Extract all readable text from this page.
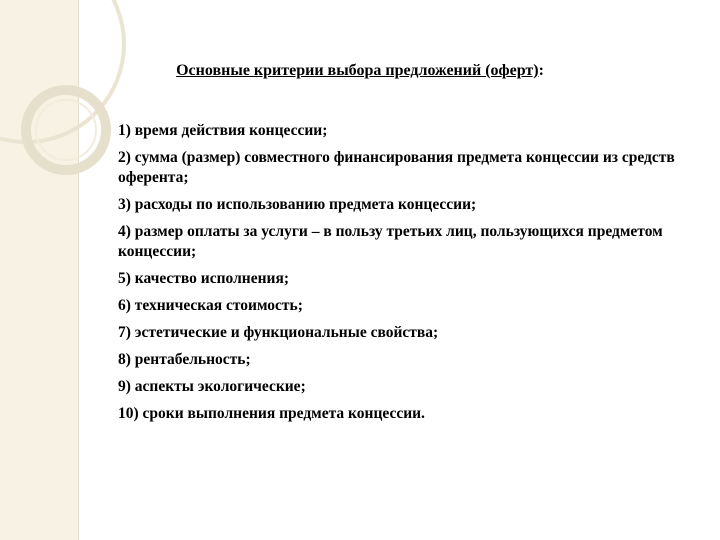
Основные критерии выбора предложений (оферт):
1) время действия концессии;
2) сумма (размер) совместного финансирования предмета концессии из средств оферента;
3) расходы по использованию предмета концессии;
4) размер оплаты за услуги – в пользу третьих лиц, пользующихся предметом концессии;
5) качество исполнения;
6) техническая стоимость;
7) эстетические и функциональные свойства;
8) рентабельность;
9) аспекты экологические;
10) сроки выполнения предмета концессии.
